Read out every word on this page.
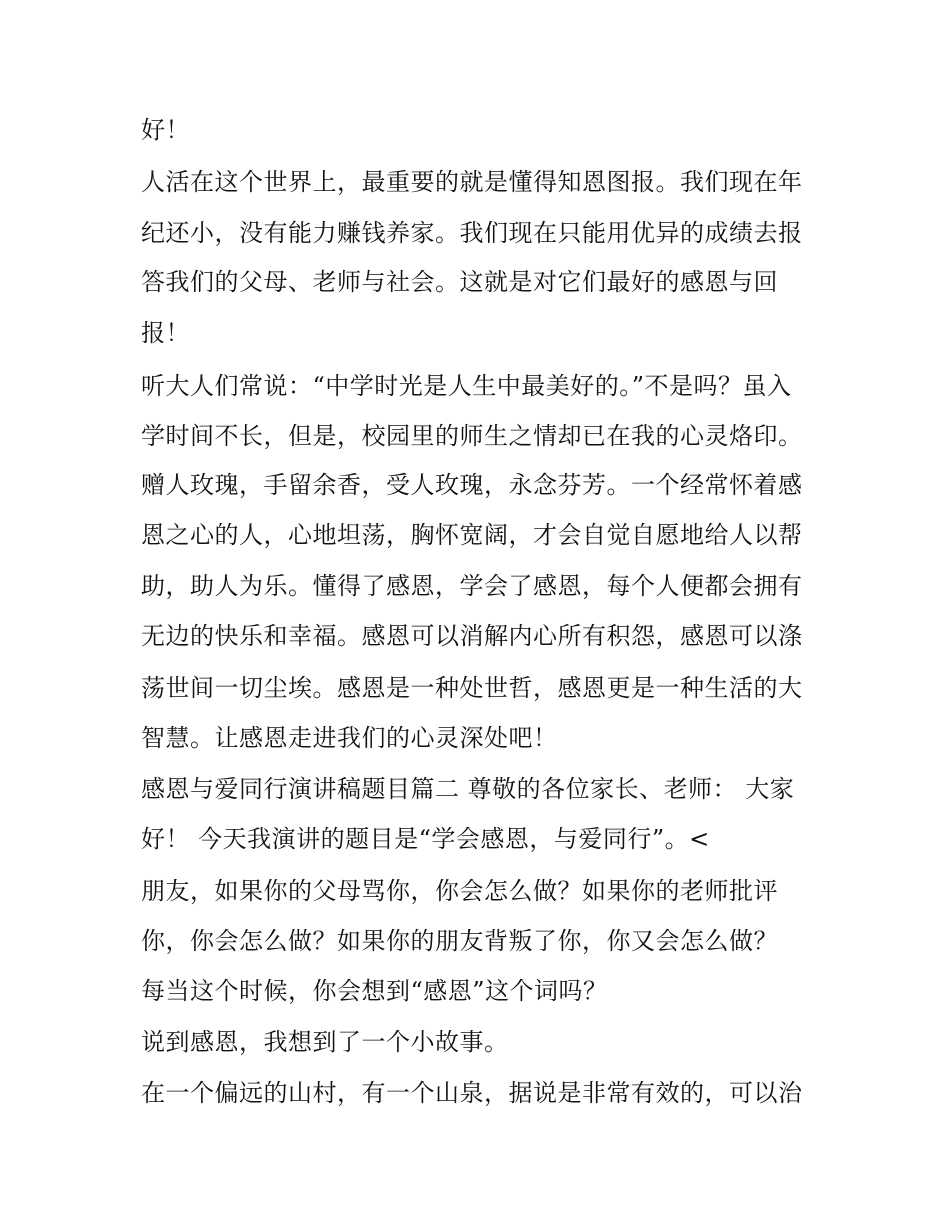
好！
人活在这个世界上，最重要的就是懂得知恩图报。我们现在年
纪还小，没有能力赚钱养家。我们现在只能用优异的成绩去报
答我们的父母、老师与社会。这就是对它们最好的感恩与回
报！
听大人们常说：“中学时光是人生中最美好的。”不是吗？虽入
学时间不长，但是，校园里的师生之情却已在我的心灵烙印。
赠人玫瑰，手留余香，受人玫瑰，永念芬芳。一个经常怀着感
恩之心的人，心地坦荡，胸怀宽阔，才会自觉自愿地给人以帮
助，助人为乐。懂得了感恩，学会了感恩，每个人便都会拥有
无边的快乐和幸福。感恩可以消解内心所有积怨，感恩可以涤
荡世间一切尘埃。感恩是一种处世哲，感恩更是一种生活的大
智慧。让感恩走进我们的心灵深处吧！
感恩与爱同行演讲稿题目篇二 尊敬的各位家长、老师： 大家
好！ 今天我演讲的题目是“学会感恩，与爱同行”。<
朋友，如果你的父母骂你，你会怎么做？如果你的老师批评
你，你会怎么做？如果你的朋友背叛了你，你又会怎么做？
每当这个时候，你会想到“感恩”这个词吗？
说到感恩，我想到了一个小故事。
在一个偏远的山村，有一个山泉，据说是非常有效的，可以治
